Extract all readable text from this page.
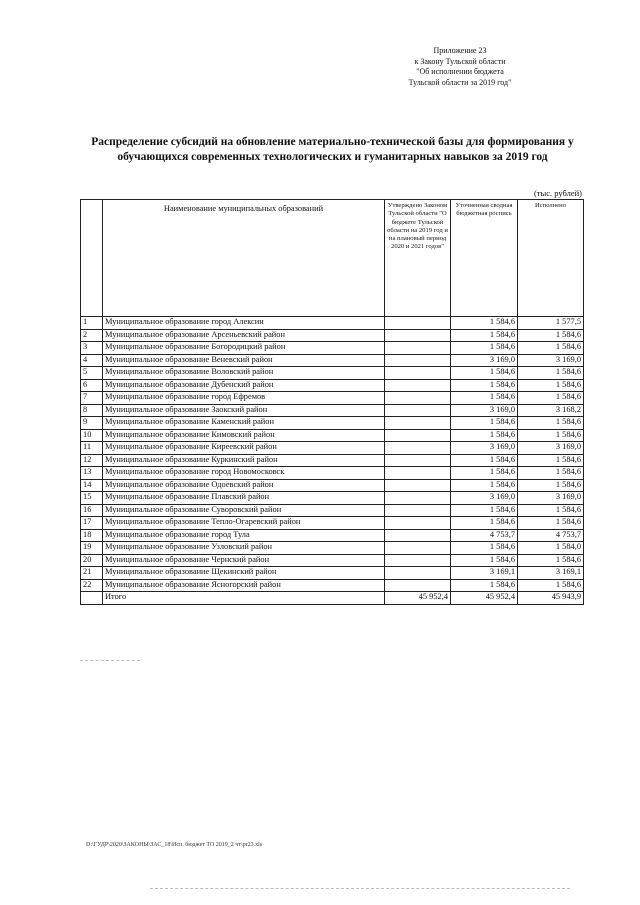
Приложение 23
к Закону Тульской области
"Об исполнении бюджета
Тульской области за 2019 год"
Распределение субсидий на обновление материально-технической базы для формирования у
обучающихся современных технологических и гуманитарных навыков за 2019 год
(тыс. рублей)
	Наименование муниципальных образований	Утверждено Законом Тульской области "О бюджете Тульской области на 2019 год и на плановый период 2020 и 2021 годов"	Уточненная сводная бюджетная роспись	Исполнено
1	Муниципальное образование город Алексин		1 584,6	1 577,5
2	Муниципальное образование Арсеньевский район		1 584,6	1 584,6
3	Муниципальное образование Богородицкий район		1 584,6	1 584,6
4	Муниципальное образование Веневский район		3 169,0	3 169,0
5	Муниципальное образование Воловский район		1 584,6	1 584,6
6	Муниципальное образование Дубенский район		1 584,6	1 584,6
7	Муниципальное образование город Ефремов		1 584,6	1 584,6
8	Муниципальное образование Заокский район		3 169,0	3 168,2
9	Муниципальное образование Каменский район		1 584,6	1 584,6
10	Муниципальное образование Кимовский район		1 584,6	1 584,6
11	Муниципальное образование Киреевский район		3 169,0	3 169,0
12	Муниципальное образование Куркинский район		1 584,6	1 584,6
13	Муниципальное образование город Новомосковск		1 584,6	1 584,6
14	Муниципальное образование Одоевский район		1 584,6	1 584,6
15	Муниципальное образование Плавский район		3 169,0	3 169,0
16	Муниципальное образование Суворовский район		1 584,6	1 584,6
17	Муниципальное образование Тепло-Огаревский район		1 584,6	1 584,6
18	Муниципальное образование город Тула		4 753,7	4 753,7
19	Муниципальное образование Узловский район		1 584,6	1 584,0
20	Муниципальное образование Чернский район		1 584,6	1 584,6
21	Муниципальное образование Щекинский район		3 169,1	3 169,1
22	Муниципальное образование Ясногорский район		1 584,6	1 584,6
	Итого	45 952,4	45 952,4	45 943,9
D:\ГУДР\2020\ЗАКОНЫ\ЗАС_18\Исп. бюджет ТО 2019_2 чт\pr23.xls
